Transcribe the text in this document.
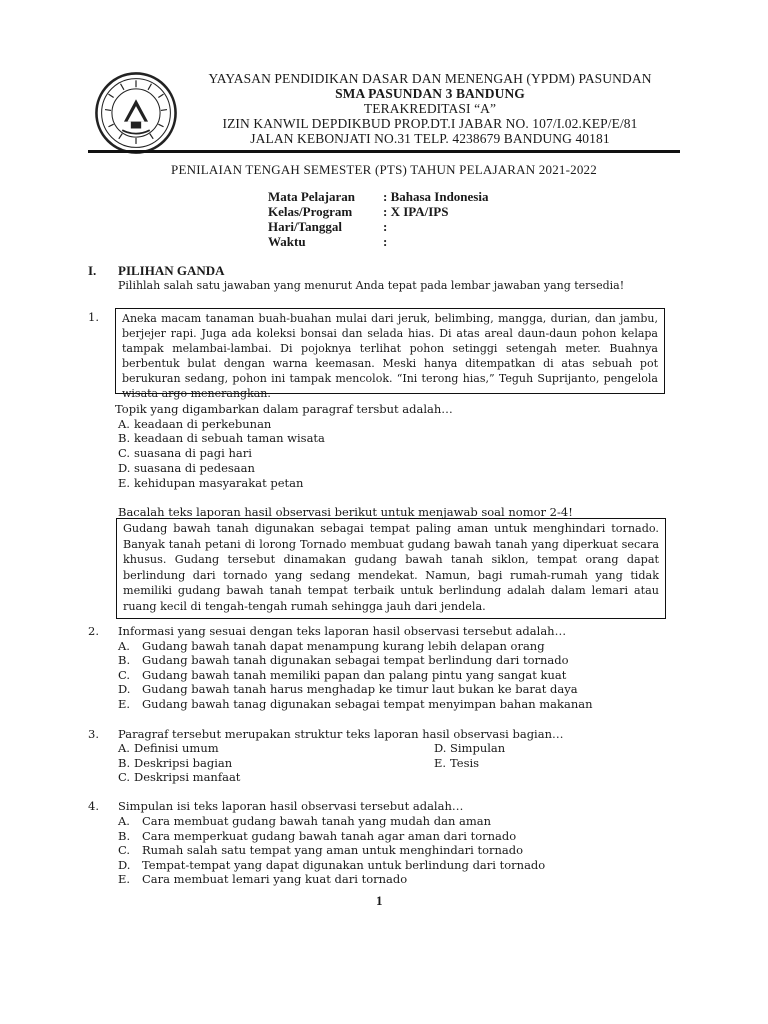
YAYASAN PENDIDIKAN DASAR DAN MENENGAH (YPDM) PASUNDAN
SMA PASUNDAN 3 BANDUNG
TERAKREDITASI “A”
IZIN KANWIL DEPDIKBUD PROP.DT.I JABAR NO. 107/I.02.KEP/E/81
JALAN KEBONJATI NO.31 TELP. 4238679 BANDUNG 40181
PENILAIAN TENGAH SEMESTER (PTS) TAHUN PELAJARAN 2021-2022
Mata Pelajaran : Bahasa Indonesia
Kelas/Program : X IPA/IPS
Hari/Tanggal	:
Waktu	:
I. PILIHAN GANDA
Pilihlah salah satu jawaban yang menurut Anda tepat pada lembar jawaban yang tersedia!
1. Aneka macam tanaman buah-buahan mulai dari jeruk, belimbing, mangga, durian, dan jambu, berjejer rapi. Juga ada koleksi bonsai dan selada hias. Di atas areal daun-daun pohon kelapa tampak melambai-lambai. Di pojoknya terlihat pohon setinggi setengah meter. Buahnya berbentuk bulat dengan warna keemasan. Meski hanya ditempatkan di atas sebuah pot berukuran sedang, pohon ini tampak mencolok. “Ini terong hias,” Teguh Suprijanto, pengelola wisata argo menerangkan.

Topik yang digambarkan dalam paragraf tersbut adalah…
A. keadaan di perkebunan
B. keadaan di sebuah taman wisata
C. suasana di pagi hari
D. suasana di pedesaan
E. kehidupan masyarakat petan
Bacalah teks laporan hasil observasi berikut untuk menjawab soal nomor 2-4!

Gudang bawah tanah digunakan sebagai tempat paling aman untuk menghindari tornado. Banyak tanah petani di lorong Tornado membuat gudang bawah tanah yang diperkuat secara khusus. Gudang tersebut dinamakan gudang bawah tanah siklon, tempat orang dapat berlindung dari tornado yang sedang mendekat. Namun, bagi rumah-rumah yang tidak memiliki gudang bawah tanah tempat terbaik untuk berlindung adalah dalam lemari atau ruang kecil di tengah-tengah rumah sehingga jauh dari jendela.

2. Informasi yang sesuai dengan teks laporan hasil observasi tersebut adalah…
A. Gudang bawah tanah dapat menampung kurang lebih delapan orang
B. Gudang bawah tanah digunakan sebagai tempat berlindung dari tornado
C. Gudang bawah tanah memiliki papan dan palang pintu yang sangat kuat
D. Gudang bawah tanah harus menghadap ke timur laut bukan ke barat daya
E. Gudang bawah tanag digunakan sebagai tempat menyimpan bahan makanan
3. Paragraf tersebut merupakan struktur teks laporan hasil observasi bagian…
A. Definisi umum
B. Deskripsi bagian
C. Deskripsi manfaat
D. Simpulan
E. Tesis
4. Simpulan isi teks laporan hasil observasi tersebut adalah…
A. Cara membuat gudang bawah tanah yang mudah dan aman
B. Cara memperkuat gudang bawah tanah agar aman dari tornado
C. Rumah salah satu tempat yang aman untuk menghindari tornado
D. Tempat-tempat yang dapat digunakan untuk berlindung dari tornado
E. Cara membuat lemari yang kuat dari tornado
1
